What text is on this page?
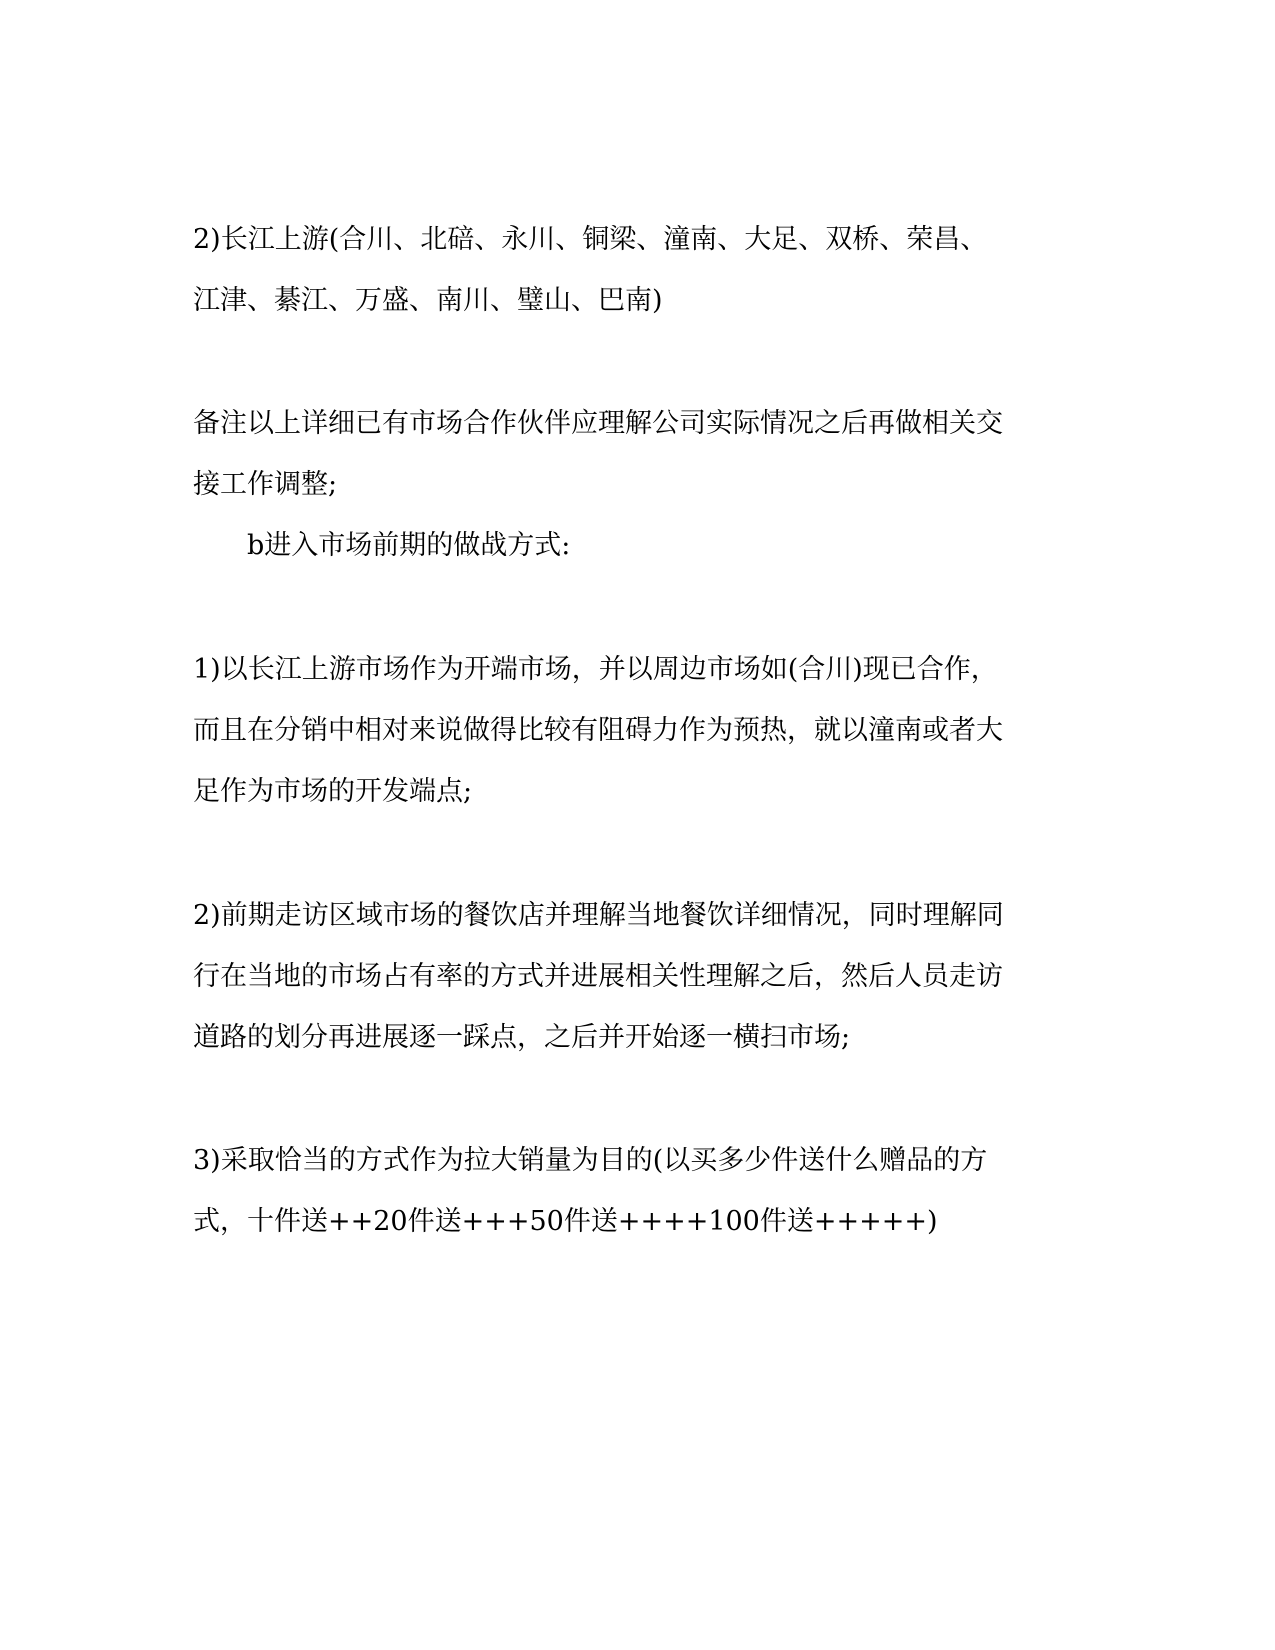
2)长江上游(合川、北碚、永川、铜梁、潼南、大足、双桥、荣昌、
江津、綦江、万盛、南川、璧山、巴南)
备注以上详细已有市场合作伙伴应理解公司实际情况之后再做相关交
接工作调整;
b进入市场前期的做战方式:
1)以长江上游市场作为开端市场，并以周边市场如(合川)现已合作，
而且在分销中相对来说做得比较有阻碍力作为预热，就以潼南或者大
足作为市场的开发端点;
2)前期走访区域市场的餐饮店并理解当地餐饮详细情况，同时理解同
行在当地的市场占有率的方式并进展相关性理解之后，然后人员走访
道路的划分再进展逐一踩点，之后并开始逐一横扫市场;
3)采取恰当的方式作为拉大销量为目的(以买多少件送什么赠品的方
式，十件送++20件送+++50件送++++100件送+++++)
